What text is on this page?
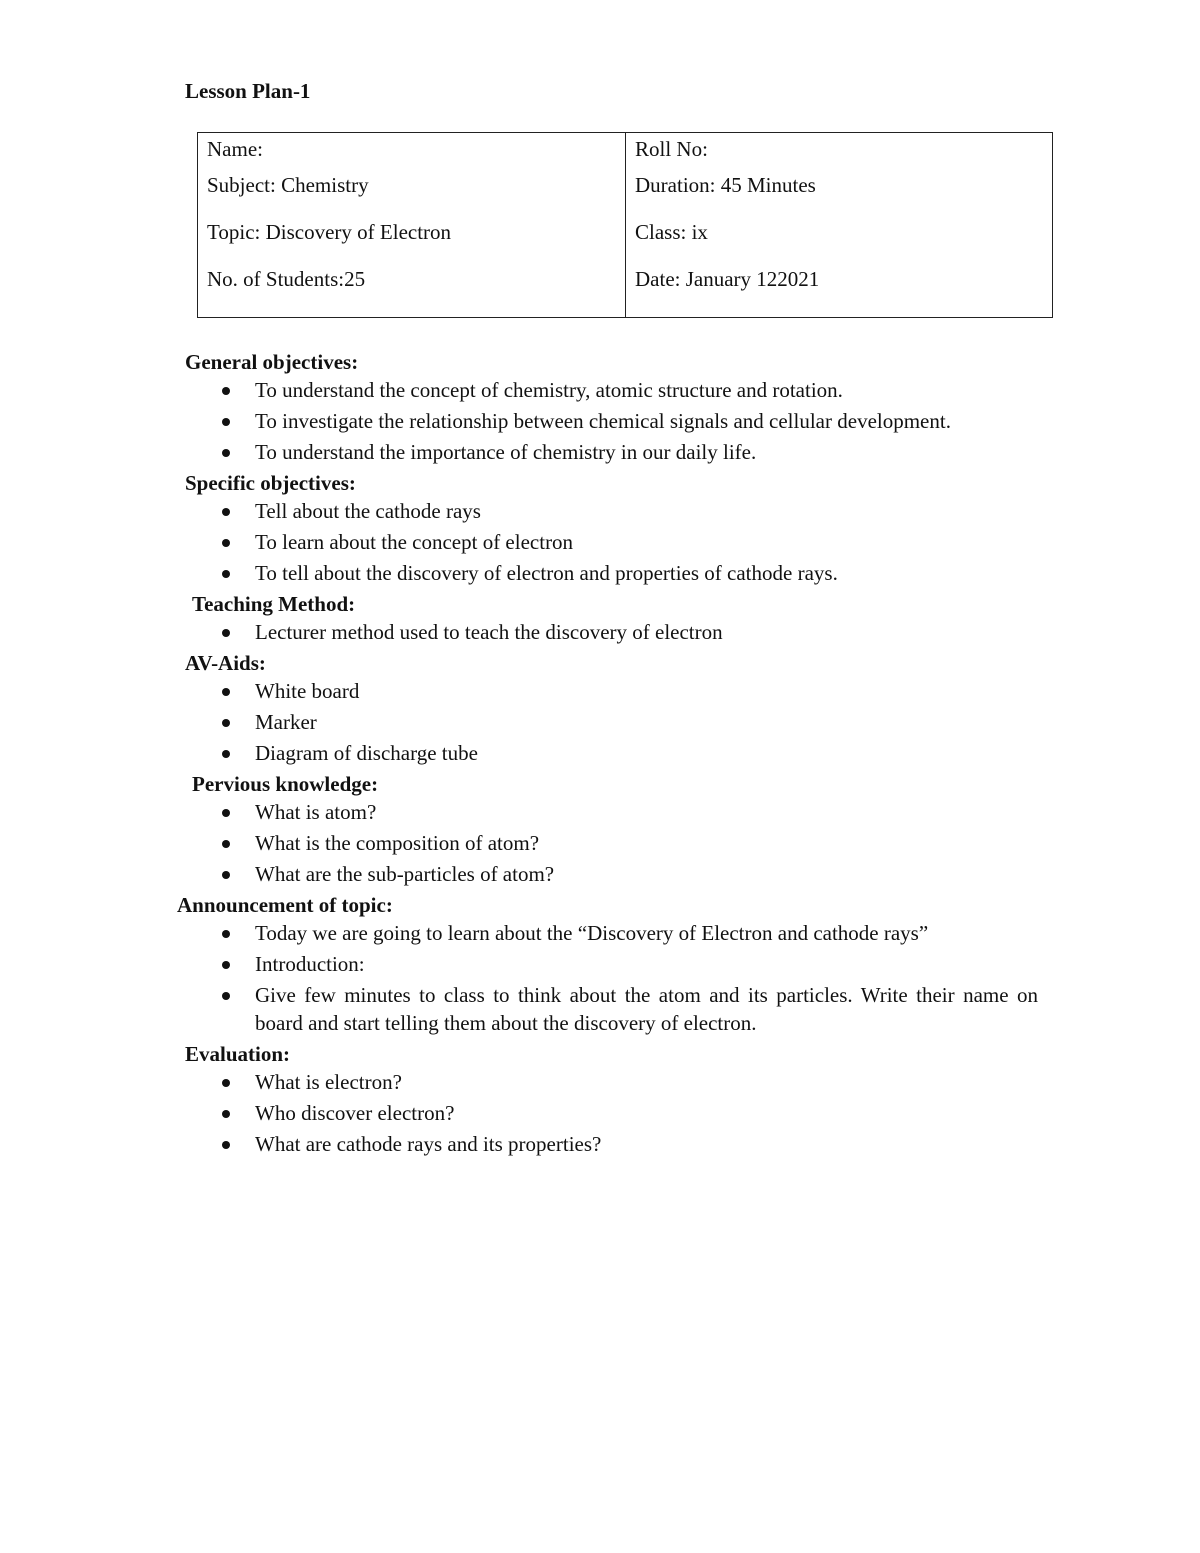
Lesson Plan-1
Name:
Subject: Chemistry
Topic: Discovery of Electron
No. of Students:25
Roll No:
Duration: 45 Minutes
Class: ix
Date: January 122021
General objectives:
To understand the concept of chemistry, atomic structure and rotation.
To investigate the relationship between chemical signals and cellular development.
To understand the importance of chemistry in our daily life.
Specific objectives:
Tell about the cathode rays
To learn about the concept of electron
To tell about the discovery of electron and properties of cathode rays.
Teaching Method:
Lecturer method used to teach the discovery of electron
AV-Aids:
White board
Marker
Diagram of discharge tube
Pervious knowledge:
What is atom?
What is the composition of atom?
What are the sub-particles of atom?
Announcement of topic:
Today we are going to learn about the “Discovery of Electron and cathode rays”
Introduction:
Give few minutes to class to think about the atom and its particles. Write their name on board and start telling them about the discovery of electron.
Evaluation:
What is electron?
Who discover electron?
What are cathode rays and its properties?
